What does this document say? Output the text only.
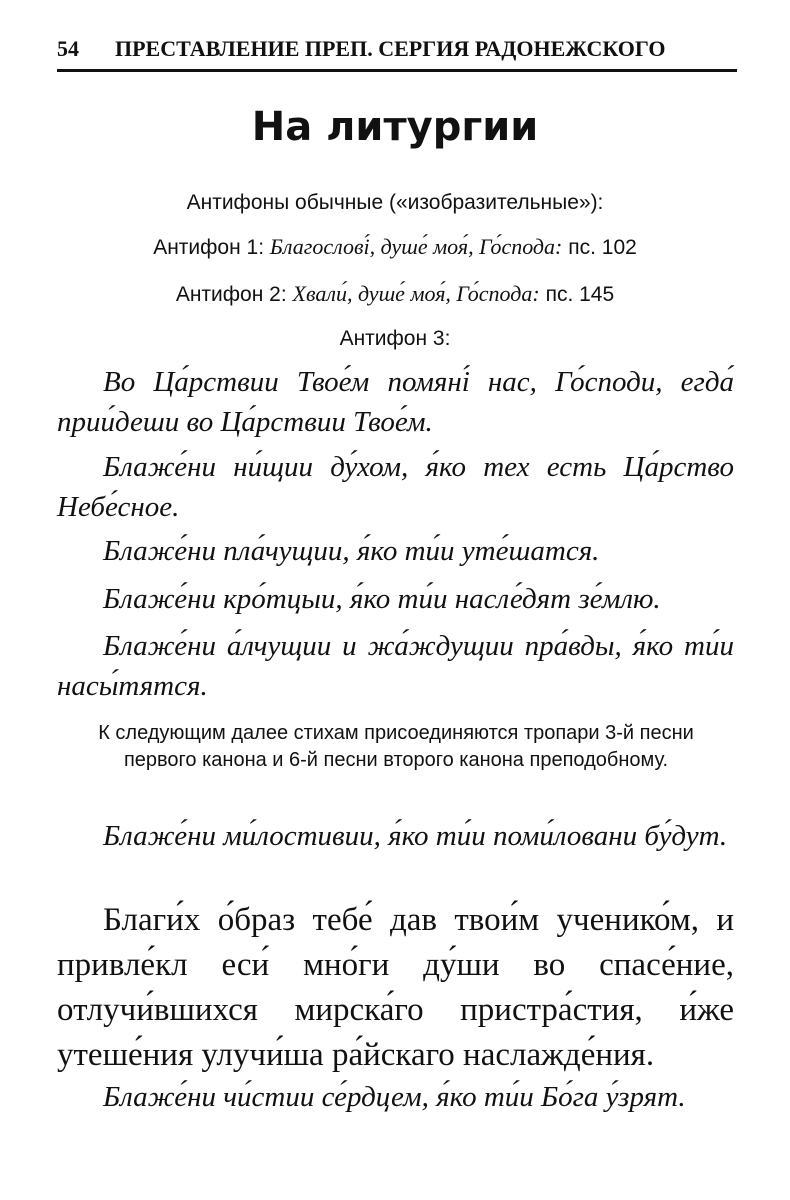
54 ПРЕСТАВЛЕНИЕ ПРЕП. СЕРГИЯ РАДОНЕЖСКОГО
На литургии
Антифоны обычные («изобразительные»):
Антифон 1: Благослові́, душе́ моя́, Го́спода: пс. 102
Антифон 2: Хвали́, душе́ моя́, Го́спода: пс. 145
Антифон 3:
Во Ца́рствии Твое́м помяні́ нас, Го́споди, егда́ прии́деши во Ца́рствии Твое́м.
Блаже́ни ни́щии ду́хом, я́ко тех есть Ца́рство Небе́сное.
Блаже́ни пла́чущии, я́ко ти́и уте́шатся.
Блаже́ни кро́тцыи, я́ко ти́и насле́дят зе́млю.
Блаже́ни а́лчущии и жа́ждущии пра́вды, я́ко ти́и насы́тятся.
К следующим далее стихам присоединяются тропари 3-й песни первого канона и 6-й песни второго канона преподобному.
Блаже́ни ми́лостивии, я́ко ти́и поми́ловани бу́дут.
Благи́х о́браз тебе́ дав твои́м ученико́м, и привле́кл еси́ мно́ги ду́ши во спасе́ние, отлучи́вшихся мирска́го пристра́стия, и́же утеше́ния улучи́ша ра́йскаго наслажде́ния.
Блаже́ни чи́стии се́рдцем, я́ко ти́и Бо́га у́зрят.
